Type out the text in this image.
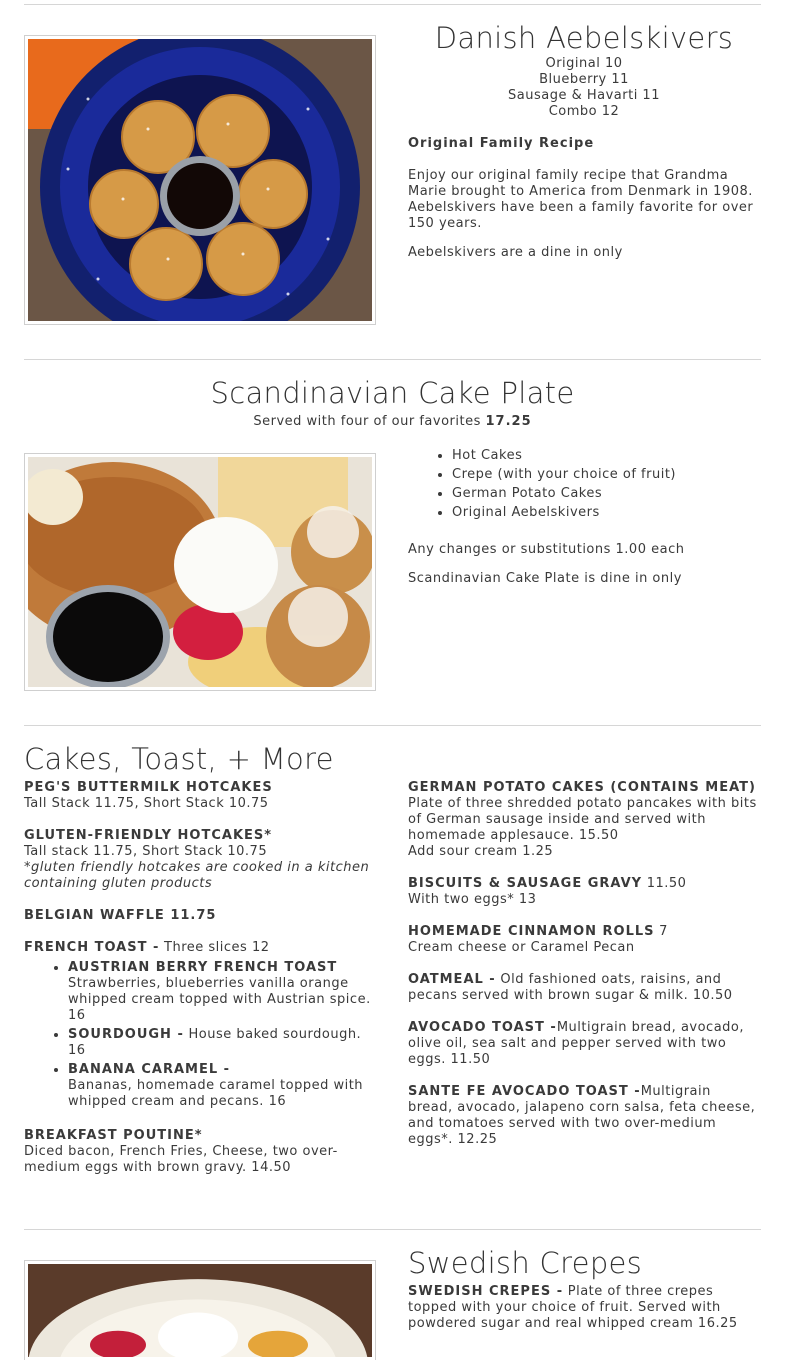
Danish Aebelskivers

Original 10

Blueberry 11

Sausage & Havarti 11

Combo 12

Original Family Recipe

Enjoy our original family recipe that Grandma Marie brought to America from Denmark in 1908. Aebelskivers have been a family favorite for over 150 years.

Aebelskivers are a dine in only

Scandinavian Cake Plate

Served with four of our favorites 17.25

• Hot Cakes
• Crepe (with your choice of fruit)
• German Potato Cakes
• Original Aebelskivers

Any changes or substitutions 1.00 each

Scandinavian Cake Plate is dine in only

Cakes, Toast, + More

PEG'S BUTTERMILK HOTCAKES

Tall Stack 11.75, Short Stack 10.75

GLUTEN-FRIENDLY HOTCAKES*

Tall stack 11.75, Short Stack 10.75

*gluten friendly hotcakes are cooked in a kitchen containing gluten products

BELGIAN WAFFLE 11.75

FRENCH TOAST - Three slices 12

• AUSTRIAN BERRY FRENCH TOAST
Strawberries, blueberries vanilla orange whipped cream topped with Austrian spice. 16
• SOURDOUGH - House baked sourdough. 16
• BANANA CARAMEL -
Bananas, homemade caramel topped with whipped cream and pecans. 16

BREAKFAST POUTINE*

Diced bacon, French Fries, Cheese, two over-medium eggs with brown gravy. 14.50

GERMAN POTATO CAKES (CONTAINS MEAT)

Plate of three shredded potato pancakes with bits of German sausage inside and served with homemade applesauce. 15.50

Add sour cream 1.25

BISCUITS & SAUSAGE GRAVY 11.50

With two eggs* 13

HOMEMADE CINNAMON ROLLS 7

Cream cheese or Caramel Pecan

OATMEAL - Old fashioned oats, raisins, and pecans served with brown sugar & milk. 10.50

AVOCADO TOAST -Multigrain bread, avocado, olive oil, sea salt and pepper served with two eggs. 11.50

SANTE FE AVOCADO TOAST -Multigrain bread, avocado, jalapeno corn salsa, feta cheese, and tomatoes served with two over-medium eggs*. 12.25

Swedish Crepes

SWEDISH CREPES - Plate of three crepes topped with your choice of fruit. Served with powdered sugar and real whipped cream 16.25
